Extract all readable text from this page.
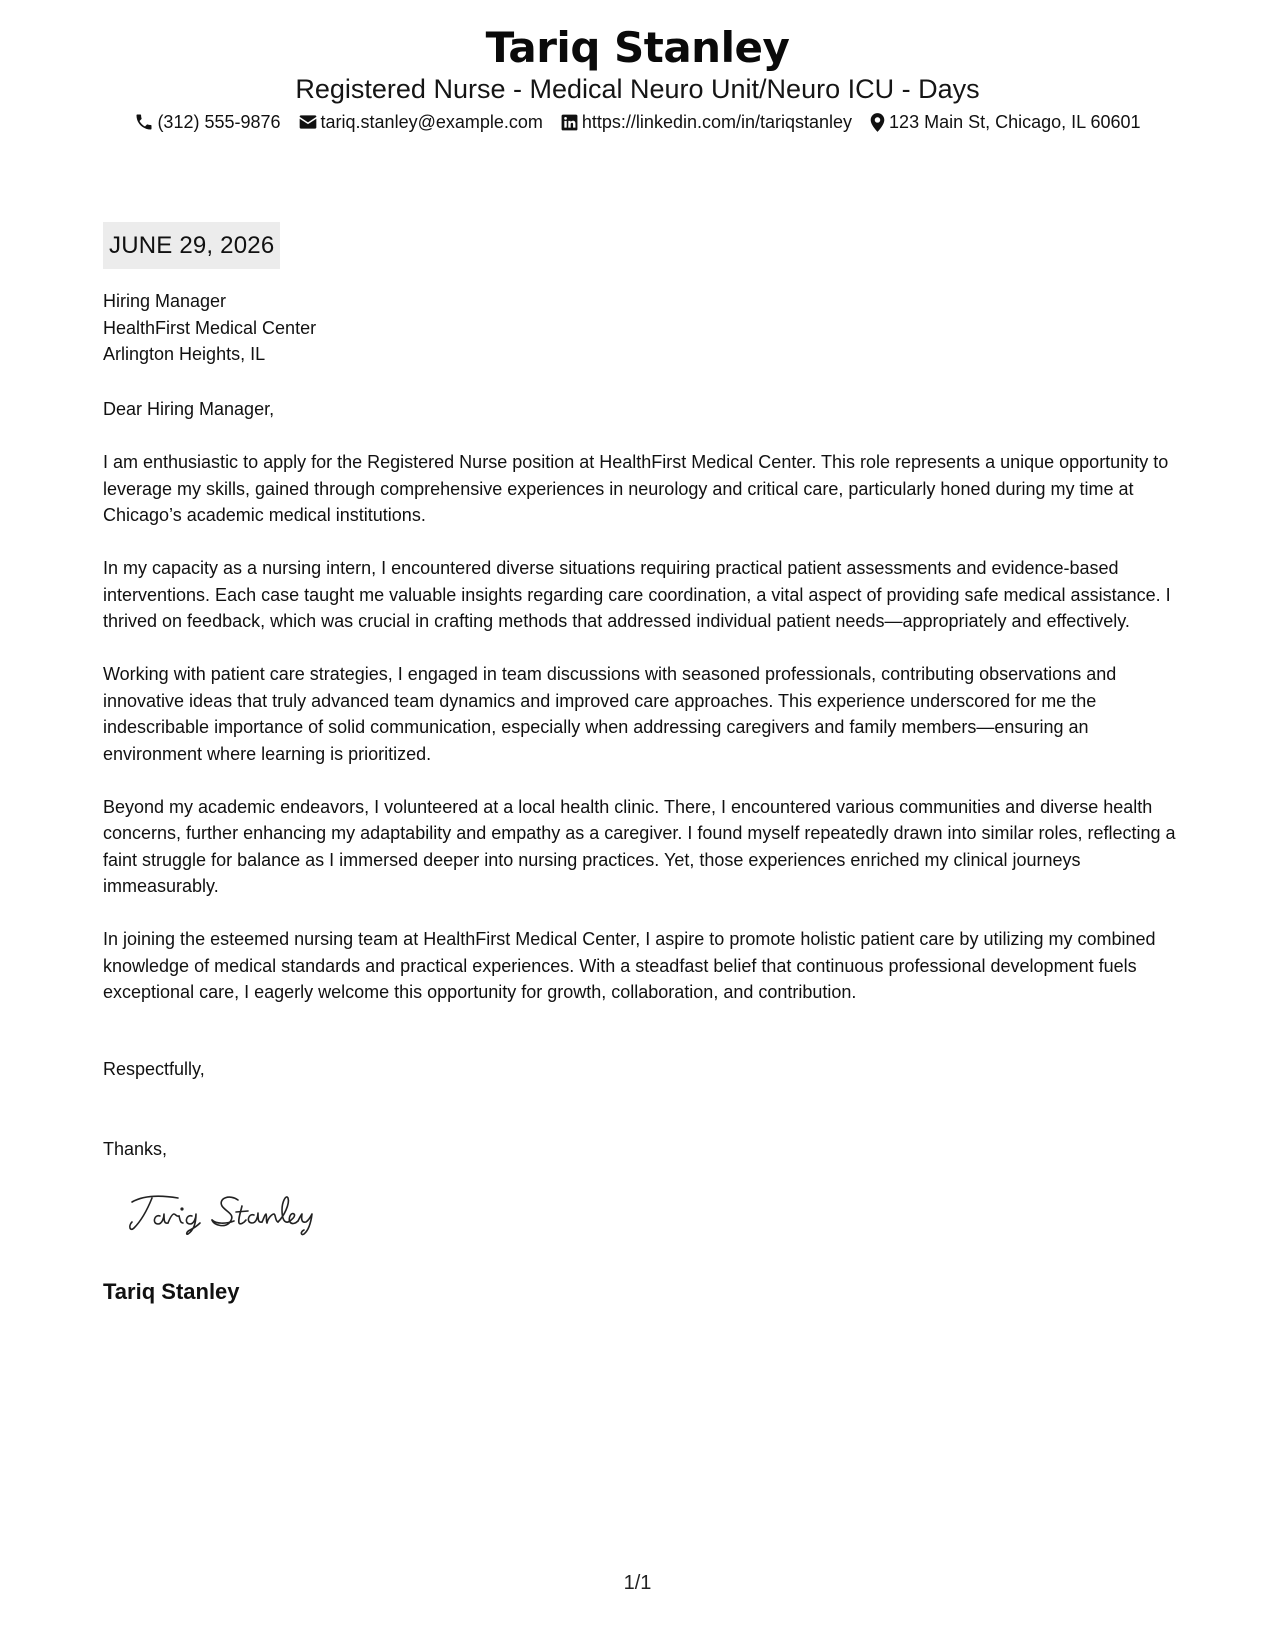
Tariq Stanley
Registered Nurse - Medical Neuro Unit/Neuro ICU - Days
(312) 555-9876 tariq.stanley@example.com https://linkedin.com/in/tariqstanley 123 Main St, Chicago, IL 60601
JUNE 29, 2026
Hiring Manager
HealthFirst Medical Center
Arlington Heights, IL
Dear Hiring Manager,

I am enthusiastic to apply for the Registered Nurse position at HealthFirst Medical Center. This role represents a unique opportunity to leverage my skills, gained through comprehensive experiences in neurology and critical care, particularly honed during my time at Chicago’s academic medical institutions.

In my capacity as a nursing intern, I encountered diverse situations requiring practical patient assessments and evidence-based interventions. Each case taught me valuable insights regarding care coordination, a vital aspect of providing safe medical assistance. I thrived on feedback, which was crucial in crafting methods that addressed individual patient needs—appropriately and effectively.

Working with patient care strategies, I engaged in team discussions with seasoned professionals, contributing observations and innovative ideas that truly advanced team dynamics and improved care approaches. This experience underscored for me the indescribable importance of solid communication, especially when addressing caregivers and family members—ensuring an environment where learning is prioritized.

Beyond my academic endeavors, I volunteered at a local health clinic. There, I encountered various communities and diverse health concerns, further enhancing my adaptability and empathy as a caregiver. I found myself repeatedly drawn into similar roles, reflecting a faint struggle for balance as I immersed deeper into nursing practices. Yet, those experiences enriched my clinical journeys immeasurably.

In joining the esteemed nursing team at HealthFirst Medical Center, I aspire to promote holistic patient care by utilizing my combined knowledge of medical standards and practical experiences. With a steadfast belief that continuous professional development fuels exceptional care, I eagerly welcome this opportunity for growth, collaboration, and contribution.

Respectfully,
Thanks,
Tariq Stanley
1/1
